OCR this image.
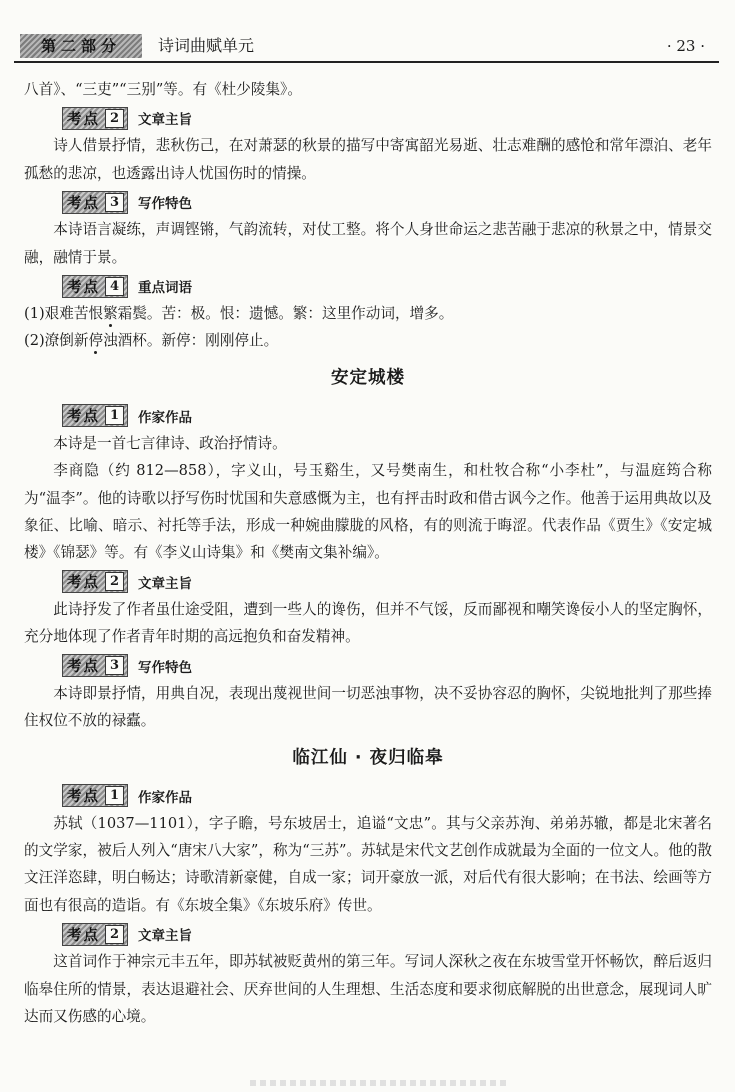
第二部分	诗词曲赋单元	· 23 ·

八首》、“三吏”“三别”等。有《杜少陵集》。

考点 2	文章主旨

诗人借景抒情，悲秋伤己，在对萧瑟的秋景的描写中寄寓韶光易逝、壮志难酬的感怆和常年漂泊、老年孤愁的悲凉，也透露出诗人忧国伤时的情操。

考点 3	写作特色

本诗语言凝练，声调铿锵，气韵流转，对仗工整。将个人身世命运之悲苦融于悲凉的秋景之中，情景交融，融情于景。

考点 4	重点词语

(1)艰难苦恨繁霜鬓。苦：极。恨：遗憾。繁：这里作动词，增多。

(2)潦倒新停浊酒杯。新停：刚刚停止。

安定城楼
考点 1	作家作品

本诗是一首七言律诗、政治抒情诗。

李商隐（约 812—858），字义山，号玉谿生，又号樊南生，和杜牧合称“小李杜”，与温庭筠合称为“温李”。他的诗歌以抒写伤时忧国和失意感慨为主，也有抨击时政和借古讽今之作。他善于运用典故以及象征、比喻、暗示、衬托等手法，形成一种婉曲朦胧的风格，有的则流于晦涩。代表作品《贾生》《安定城楼》《锦瑟》等。有《李义山诗集》和《樊南文集补编》。

考点 2	文章主旨

此诗抒发了作者虽仕途受阻，遭到一些人的谗伤，但并不气馁，反而鄙视和嘲笑谗佞小人的坚定胸怀，充分地体现了作者青年时期的高远抱负和奋发精神。

考点 3	写作特色

本诗即景抒情，用典自况，表现出蔑视世间一切恶浊事物，决不妥协容忍的胸怀，尖锐地批判了那些捧住权位不放的禄蠹。

临江仙 · 夜归临皋
考点 1	作家作品

苏轼（1037—1101），字子瞻，号东坡居士，追谥“文忠”。其与父亲苏洵、弟弟苏辙，都是北宋著名的文学家，被后人列入“唐宋八大家”，称为“三苏”。苏轼是宋代文艺创作成就最为全面的一位文人。他的散文汪洋恣肆，明白畅达；诗歌清新豪健，自成一家；词开豪放一派，对后代有很大影响；在书法、绘画等方面也有很高的造诣。有《东坡全集》《东坡乐府》传世。

考点 2	文章主旨

这首词作于神宗元丰五年，即苏轼被贬黄州的第三年。写词人深秋之夜在东坡雪堂开怀畅饮，醉后返归临皋住所的情景，表达退避社会、厌弃世间的人生理想、生活态度和要求彻底解脱的出世意念，展现词人旷达而又伤感的心境。
